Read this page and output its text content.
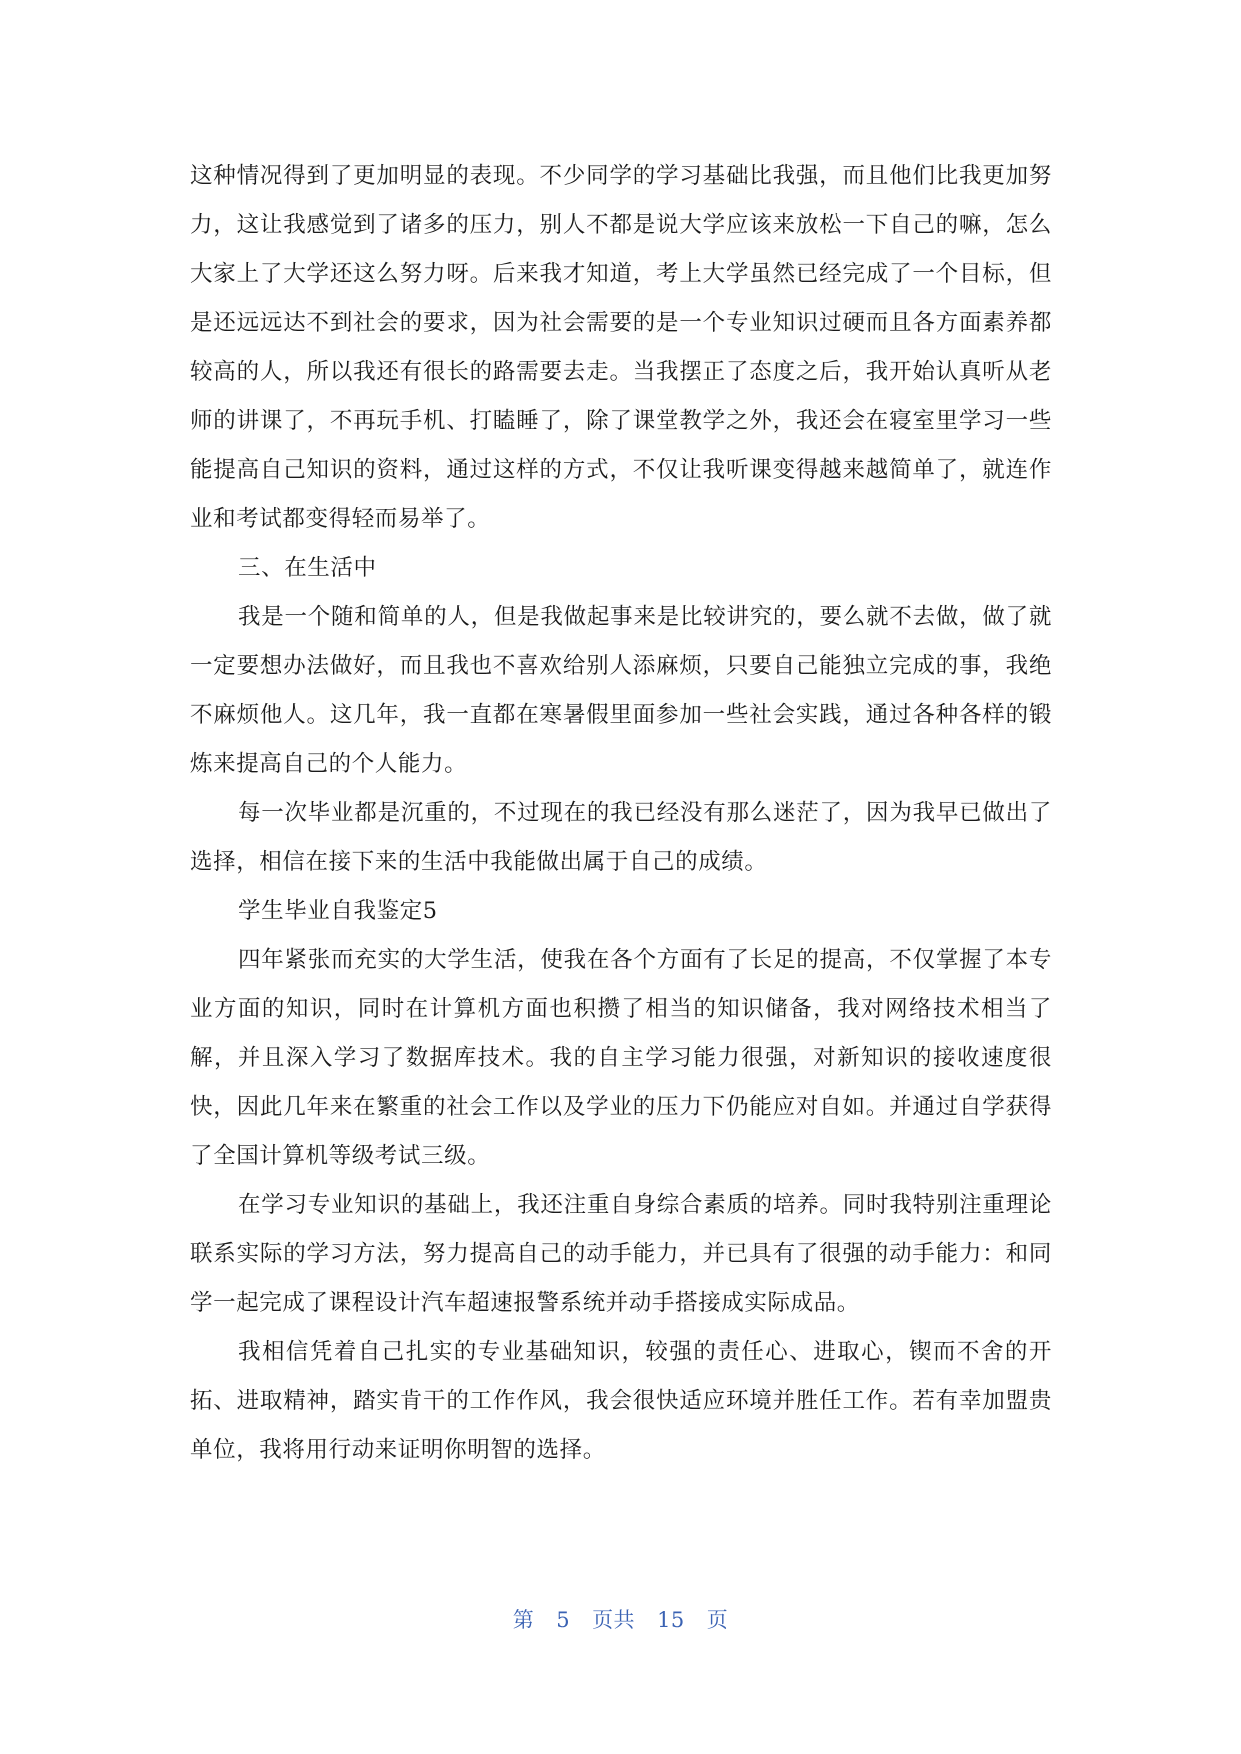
这种情况得到了更加明显的表现。不少同学的学习基础比我强，而且他们比我更加努力，这让我感觉到了诸多的压力，别人不都是说大学应该来放松一下自己的嘛，怎么大家上了大学还这么努力呀。后来我才知道，考上大学虽然已经完成了一个目标，但是还远远达不到社会的要求，因为社会需要的是一个专业知识过硬而且各方面素养都较高的人，所以我还有很长的路需要去走。当我摆正了态度之后，我开始认真听从老师的讲课了，不再玩手机、打瞌睡了，除了课堂教学之外，我还会在寝室里学习一些能提高自己知识的资料，通过这样的方式，不仅让我听课变得越来越简单了，就连作业和考试都变得轻而易举了。

三、在生活中

我是一个随和简单的人，但是我做起事来是比较讲究的，要么就不去做，做了就一定要想办法做好，而且我也不喜欢给别人添麻烦，只要自己能独立完成的事，我绝不麻烦他人。这几年，我一直都在寒暑假里面参加一些社会实践，通过各种各样的锻炼来提高自己的个人能力。

每一次毕业都是沉重的，不过现在的我已经没有那么迷茫了，因为我早已做出了选择，相信在接下来的生活中我能做出属于自己的成绩。

学生毕业自我鉴定5

四年紧张而充实的大学生活，使我在各个方面有了长足的提高，不仅掌握了本专业方面的知识，同时在计算机方面也积攒了相当的知识储备，我对网络技术相当了解，并且深入学习了数据库技术。我的自主学习能力很强，对新知识的接收速度很快，因此几年来在繁重的社会工作以及学业的压力下仍能应对自如。并通过自学获得了全国计算机等级考试三级。

在学习专业知识的基础上，我还注重自身综合素质的培养。同时我特别注重理论联系实际的学习方法，努力提高自己的动手能力，并已具有了很强的动手能力：和同学一起完成了课程设计汽车超速报警系统并动手搭接成实际成品。

我相信凭着自己扎实的专业基础知识，较强的责任心、进取心，锲而不舍的开拓、进取精神，踏实肯干的工作作风，我会很快适应环境并胜任工作。若有幸加盟贵单位，我将用行动来证明你明智的选择。

第 5 页共 15 页
